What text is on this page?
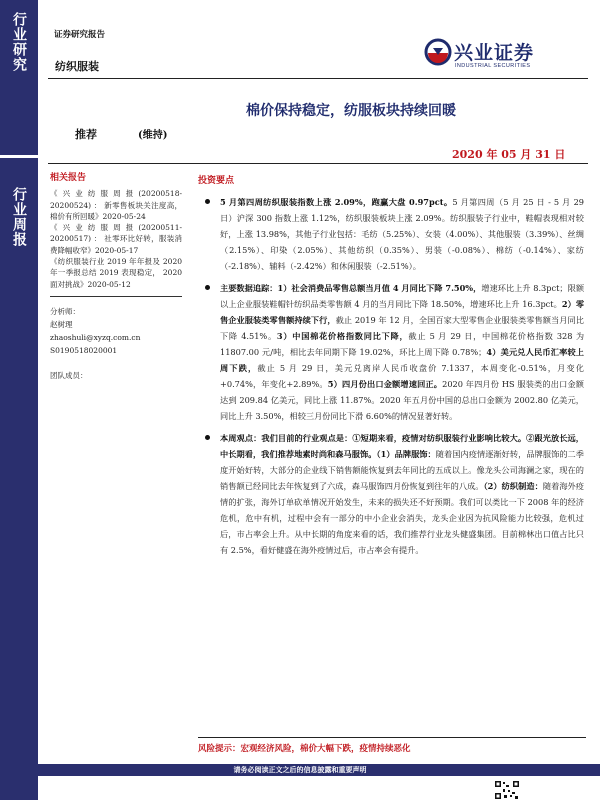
行业研究
行业周报
证券研究报告
纺织服装
兴业证券
INDUSTRIAL SECURITIES
棉价保持稳定，纺服板块持续回暖
推荐	(维持)
2020 年 05 月 31 日
相关报告
《 兴 业 纺 服 周 报 (20200518-20200524) ： 新零售板块关注度高，棉价有所回暖》2020-05-24
《 兴 业 纺 服 周 报 (20200511-20200517) ： 社零环比好转，服装消费降幅收窄》2020-05-17
《纺织服装行业 2019 年年报及 2020 年一季报总结 2019 表现稳定， 2020 面对挑战》2020-05-12
分析师：
赵树理
zhaoshuli@xyzq.com.cn
S0190518020001
团队成员：
投资要点
5 月第四周纺织服装指数上涨 2.09%，跑赢大盘 0.97pct。5 月第四周（5 月 25 日 - 5 月 29 日）沪深 300 指数上涨 1.12%，纺织服装板块上涨 2.09%。纺织服装子行业中，鞋帽表现相对较好，上涨 13.98%，其他子行业包括：毛纺（5.25%）、女装（4.00%）、其他服装（3.39%）、丝绸（2.15%）、印染（2.05%）、其他纺织（0.35%）、男装（-0.08%）、棉纺（-0.14%）、家纺（-2.18%）、辅料（-2.42%）和休闲服装（-2.51%）。
主要数据追踪：1）社会消费品零售总额当月值 4 月同比下降 7.50%，增速环比上升 8.3pct；限额以上企业服装鞋帽针纺织品类零售额 4 月的当月同比下降 18.50%，增速环比上升 16.3pct。2）零售企业服装类零售额持续下行，截止 2019 年 12 月，全国百家大型零售企业服装类零售额当月同比下降 4.51%。3）中国棉花价格指数同比下降，截止 5 月 29 日，中国棉花价格指数 328 为 11807.00 元/吨，相比去年同期下降 19.02%，环比上周下降 0.78%；4）美元兑人民币汇率较上周下跌，截止 5 月 29 日，美元兑离岸人民币收盘价 7.1337，本周变化-0.51%，月变化+0.74%，年变化+2.89%。5）四月份出口金额增速回正。2020 年四月份 HS 服装类的出口金额达到 209.84 亿美元，同比上涨 11.87%。2020 年五月份中国的总出口金额为 2002.80 亿美元，同比上升 3.50%，相较三月份同比下滑 6.60%的情况显著好转。
本周观点：我们目前的行业观点是：①短期来看，疫情对纺织服装行业影响比较大。②跟光放长远，中长期看，我们推荐地素时尚和森马服饰。（1）品牌服饰：随着国内疫情逐渐好转，品牌服饰的二季度开始好转，大部分的企业线下销售额能恢复到去年同比的五成以上。像龙头公司海澜之家，现在的销售额已经同比去年恢复到了六成，森马服饰四月份恢复到往年的八成。（2）纺织制造：随着海外疫情的扩张，海外订单砍单情况开始发生，未来的损失还不好预期。我们可以类比一下 2008 年的经济危机，危中有机，过程中会有一部分的中小企业会消失，龙头企业因为抗风险能力比较强，危机过后，市占率会上升。从中长期的角度来看的话，我们推荐行业龙头健盛集团。目前棉林出口值占比只有 2.5%，看好健盛在海外疫情过后，市占率会有提升。
风险提示：宏观经济风险，棉价大幅下跌，疫情持续恶化
请务必阅读正文之后的信息披露和重要声明
